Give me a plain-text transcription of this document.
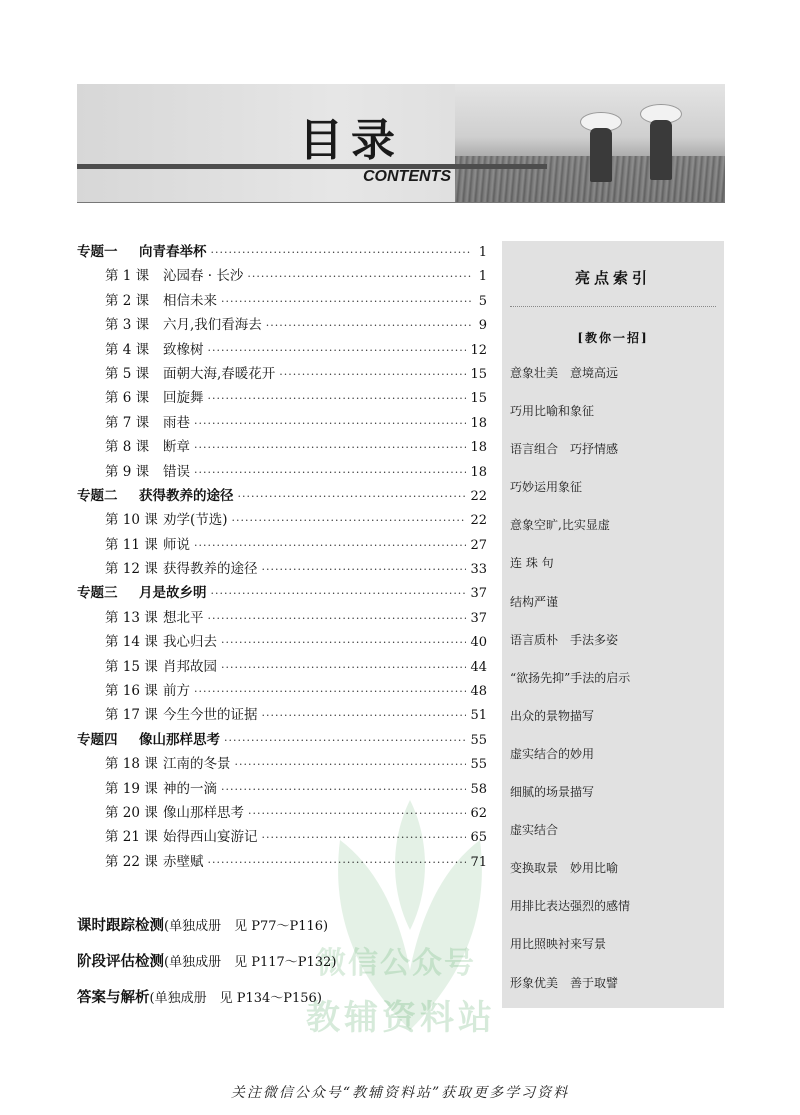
目录
CONTENTS
微信公众号
教辅资料站
专题一	向青春举杯 ·····	1
第 1 课	沁园春 · 长沙 ·····	1
第 2 课	相信未来 ·····	5
第 3 课	六月,我们看海去 ·····	9
第 4 课	致橡树 ·····	12
第 5 课	面朝大海,春暖花开 ·····	15
第 6 课	回旋舞 ·····	15
第 7 课	雨巷 ·····	18
第 8 课	断章 ·····	18
第 9 课	错误 ·····	18
专题二	获得教养的途径 ·····	22
第 10 课 劝学(节选) ·····	22
第 11 课 师说 ·····	27
第 12 课 获得教养的途径 ·····	33
专题三	月是故乡明 ·····	37
第 13 课 想北平 ·····	37
第 14 课 我心归去 ·····	40
第 15 课 肖邦故园 ·····	44
第 16 课 前方 ·····	48
第 17 课 今生今世的证据 ·····	51
专题四	像山那样思考 ·····	55
第 18 课 江南的冬景 ·····	55
第 19 课 神的一滴 ·····	58
第 20 课 像山那样思考 ·····	62
第 21 课 始得西山宴游记 ·····	65
第 22 课 赤壁赋 ·····	71
亮点索引
[教你一招]
意象壮美　意境高远
巧用比喻和象征
语言组合　巧抒情感
巧妙运用象征
意象空旷,比实显虚
连 珠 句
结构严谨
语言质朴　手法多姿
“欲扬先抑”手法的启示
出众的景物描写
虚实结合的妙用
细腻的场景描写
虚实结合
变换取景　妙用比喻
用排比表达强烈的感情
用比照映衬来写景
形象优美　善于取譬
课时跟踪检测(单独成册　见 P77～P116)
阶段评估检测(单独成册　见 P117～P132)
答案与解析(单独成册　见 P134～P156)
关注微信公众号“教辅资料站”获取更多学习资料
